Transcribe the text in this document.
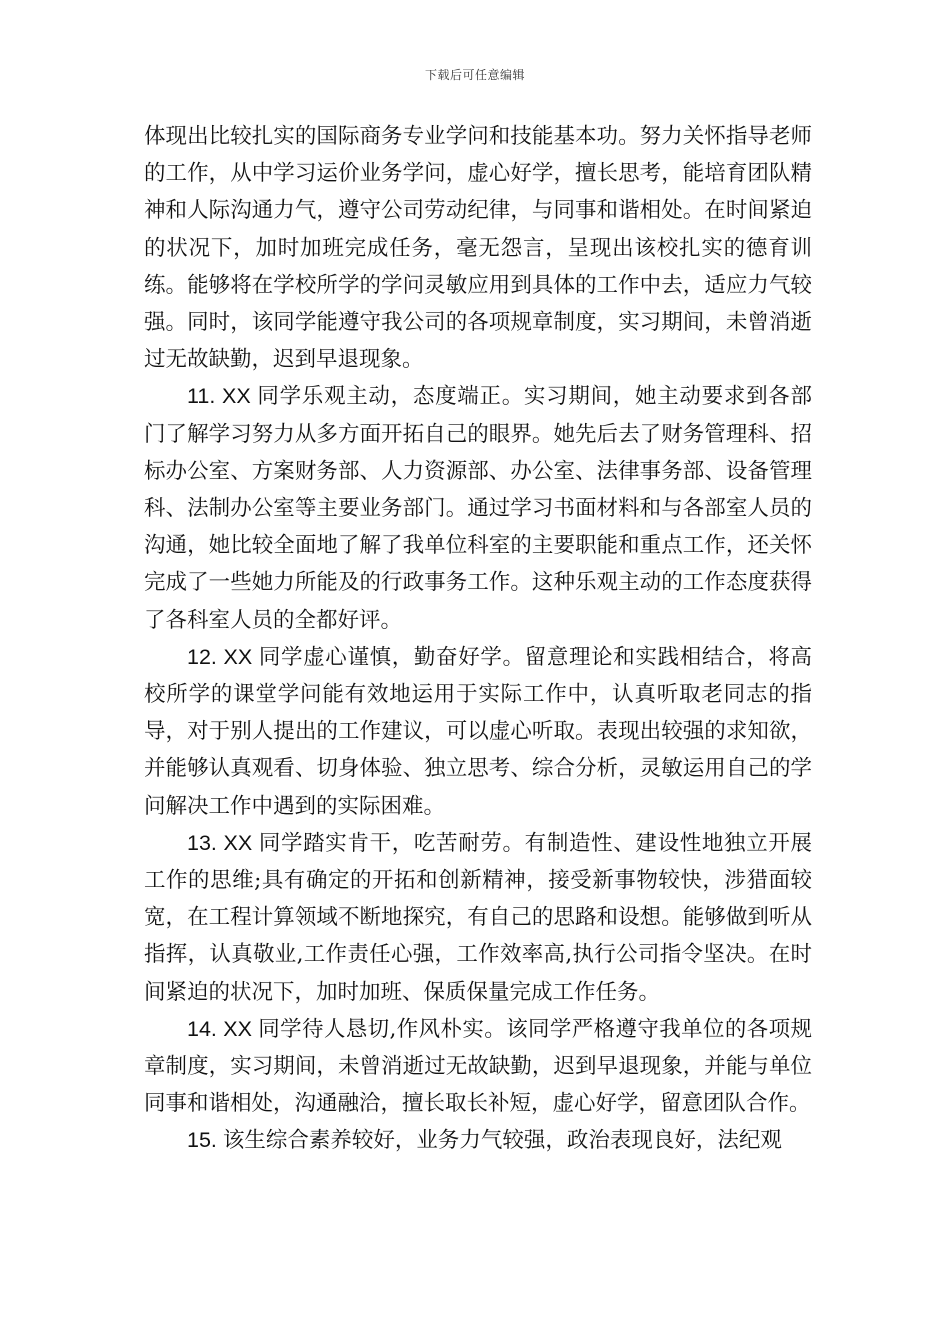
下载后可任意编辑

体现出比较扎实的国际商务专业学问和技能基本功。努力关怀指导老师的工作，从中学习运价业务学问，虚心好学，擅长思考，能培育团队精神和人际沟通力气，遵守公司劳动纪律，与同事和谐相处。在时间紧迫的状况下，加时加班完成任务，毫无怨言，呈现出该校扎实的德育训练。能够将在学校所学的学问灵敏应用到具体的工作中去，适应力气较强。同时，该同学能遵守我公司的各项规章制度，实习期间，未曾消逝过无故缺勤，迟到早退现象。

11. XX 同学乐观主动，态度端正。实习期间，她主动要求到各部门了解学习努力从多方面开拓自己的眼界。她先后去了财务管理科、招标办公室、方案财务部、人力资源部、办公室、法律事务部、设备管理科、法制办公室等主要业务部门。通过学习书面材料和与各部室人员的沟通，她比较全面地了解了我单位科室的主要职能和重点工作，还关怀完成了一些她力所能及的行政事务工作。这种乐观主动的工作态度获得了各科室人员的全都好评。

12. XX 同学虚心谨慎，勤奋好学。留意理论和实践相结合，将高校所学的课堂学问能有效地运用于实际工作中，认真听取老同志的指导，对于别人提出的工作建议，可以虚心听取。表现出较强的求知欲，并能够认真观看、切身体验、独立思考、综合分析，灵敏运用自己的学问解决工作中遇到的实际困难。

13. XX 同学踏实肯干，吃苦耐劳。有制造性、建设性地独立开展工作的思维;具有确定的开拓和创新精神，接受新事物较快，涉猎面较宽，在工程计算领域不断地探究，有自己的思路和设想。能够做到听从指挥，认真敬业,工作责任心强，工作效率高,执行公司指令坚决。在时间紧迫的状况下，加时加班、保质保量完成工作任务。

14. XX 同学待人恳切,作风朴实。该同学严格遵守我单位的各项规章制度，实习期间，未曾消逝过无故缺勤，迟到早退现象，并能与单位同事和谐相处，沟通融洽，擅长取长补短，虚心好学，留意团队合作。

15. 该生综合素养较好，业务力气较强，政治表现良好，法纪观
